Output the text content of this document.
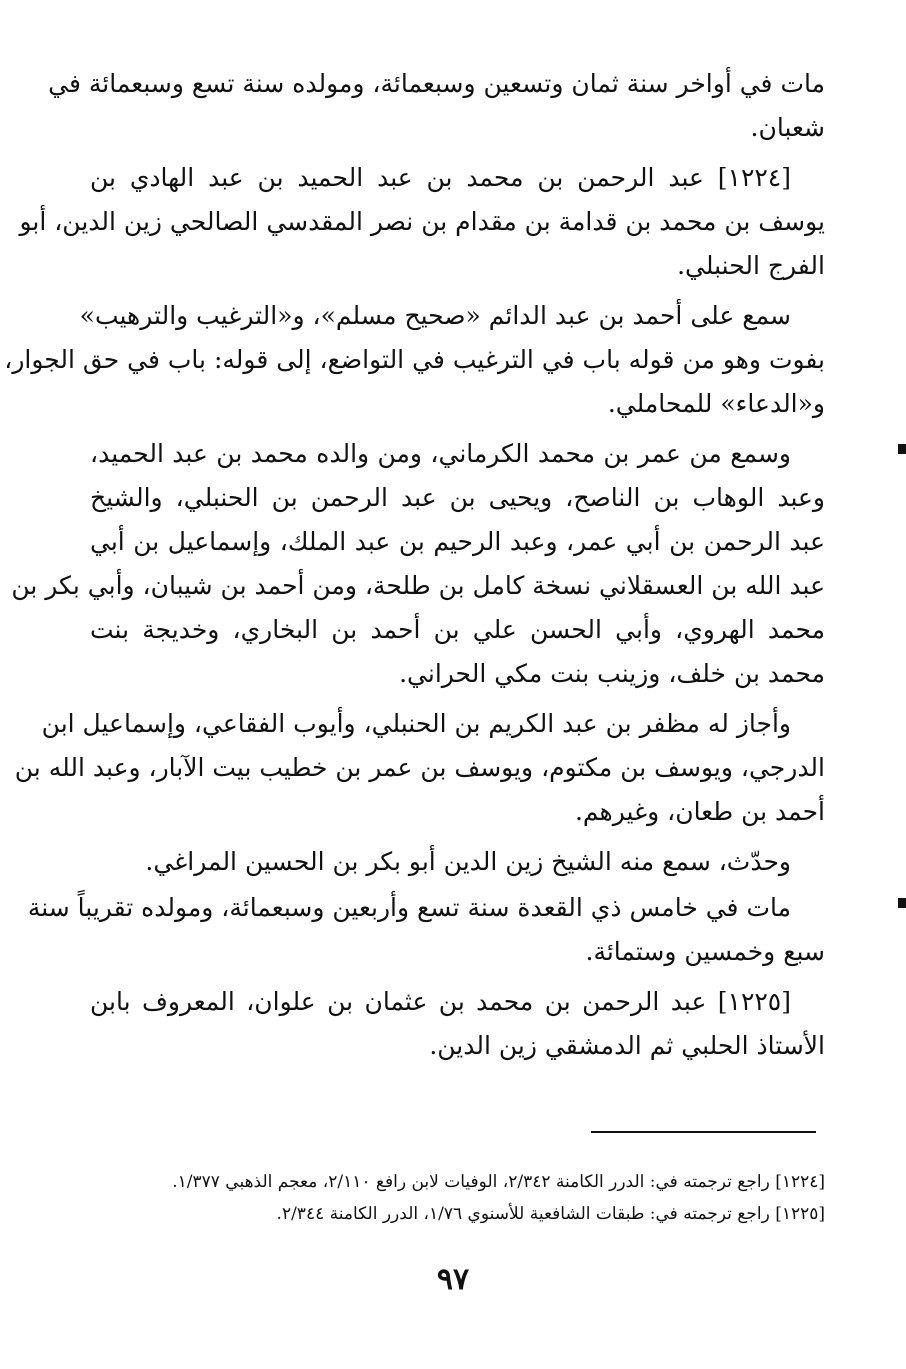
مات في أواخر سنة ثمان وتسعين وسبعمائة، ومولده سنة تسع وسبعمائة في
شعبان.
[١٢٢٤] عبد الرحمن بن محمد بن عبد الحميد بن عبد الهادي بن
يوسف بن محمد بن قدامة بن مقدام بن نصر المقدسي الصالحي زين الدين، أبو
الفرج الحنبلي.
سمع على أحمد بن عبد الدائم «صحيح مسلم»، و«الترغيب والترهيب»
بفوت وهو من قوله باب في الترغيب في التواضع، إلى قوله: باب في حق الجوار،
و«الدعاء» للمحاملي.
وسمع من عمر بن محمد الكرماني، ومن والده محمد بن عبد الحميد،
وعبد الوهاب بن الناصح، ويحيى بن عبد الرحمن بن الحنبلي، والشيخ
عبد الرحمن بن أبي عمر، وعبد الرحيم بن عبد الملك، وإسماعيل بن أبي
عبد الله بن العسقلاني نسخة كامل بن طلحة، ومن أحمد بن شيبان، وأبي بكر بن
محمد الهروي، وأبي الحسن علي بن أحمد بن البخاري، وخديجة بنت
محمد بن خلف، وزينب بنت مكي الحراني.
وأجاز له مظفر بن عبد الكريم بن الحنبلي، وأيوب الفقاعي، وإسماعيل ابن
الدرجي، ويوسف بن مكتوم، ويوسف بن عمر بن خطيب بيت الآبار، وعبد الله بن
أحمد بن طعان، وغيرهم.
وحدّث، سمع منه الشيخ زين الدين أبو بكر بن الحسين المراغي.
مات في خامس ذي القعدة سنة تسع وأربعين وسبعمائة، ومولده تقريباً سنة
سبع وخمسين وستمائة.
[١٢٢٥] عبد الرحمن بن محمد بن عثمان بن علوان، المعروف بابن
الأستاذ الحلبي ثم الدمشقي زين الدين.
[١٢٢٤] راجع ترجمته في: الدرر الكامنة ٢/٣٤٢، الوفيات لابن رافع ٢/١١٠، معجم الذهبي ١/٣٧٧.
[١٢٢٥] راجع ترجمته في: طبقات الشافعية للأسنوي ١/٧٦، الدرر الكامنة ٢/٣٤٤.
٩٧
